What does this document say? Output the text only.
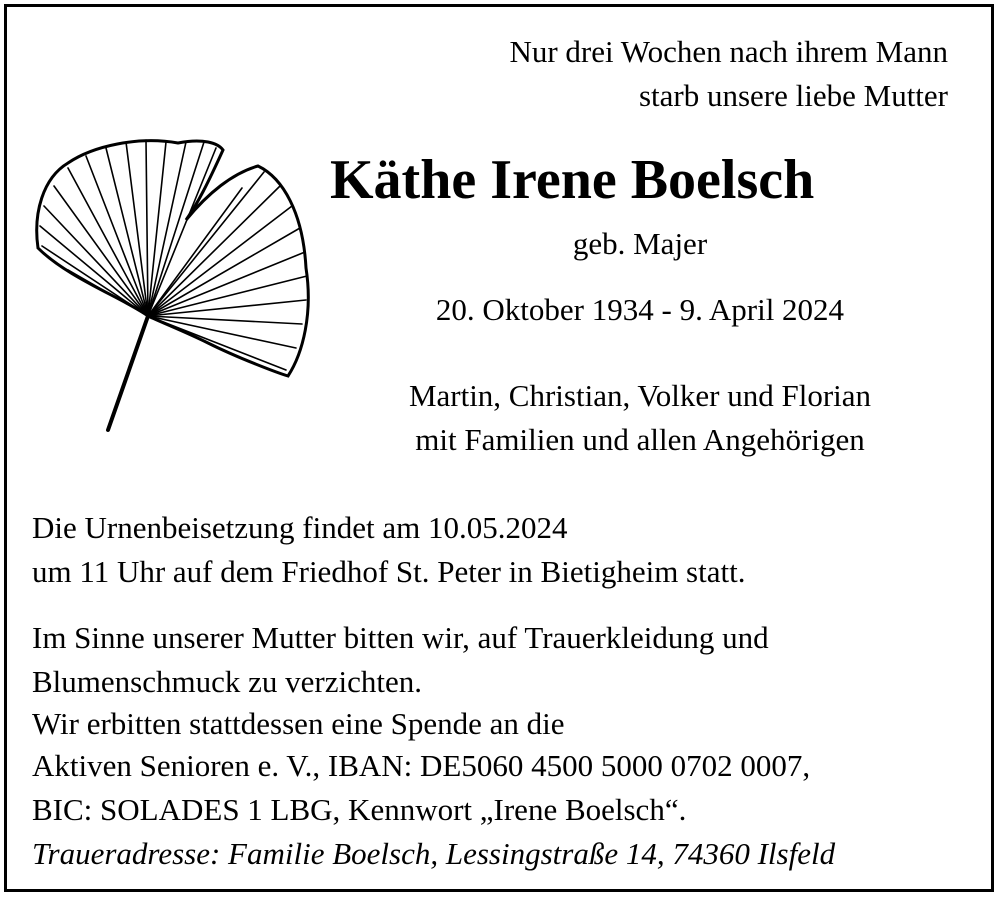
Nur drei Wochen nach ihrem Mann
starb unsere liebe Mutter
Käthe Irene Boelsch
geb. Majer
20. Oktober 1934 - 9. April 2024
Martin, Christian, Volker und Florian
mit Familien und allen Angehörigen
Die Urnenbeisetzung findet am 10.05.2024
um 11 Uhr auf dem Friedhof St. Peter in Bietigheim statt.
Im Sinne unserer Mutter bitten wir, auf Trauerkleidung und
Blumenschmuck zu verzichten.
Wir erbitten stattdessen eine Spende an die
Aktiven Senioren e. V., IBAN: DE5060 4500 5000 0702 0007,
BIC: SOLADES 1 LBG, Kennwort „Irene Boelsch“.
Traueradresse: Familie Boelsch, Lessingstraße 14, 74360 Ilsfeld
